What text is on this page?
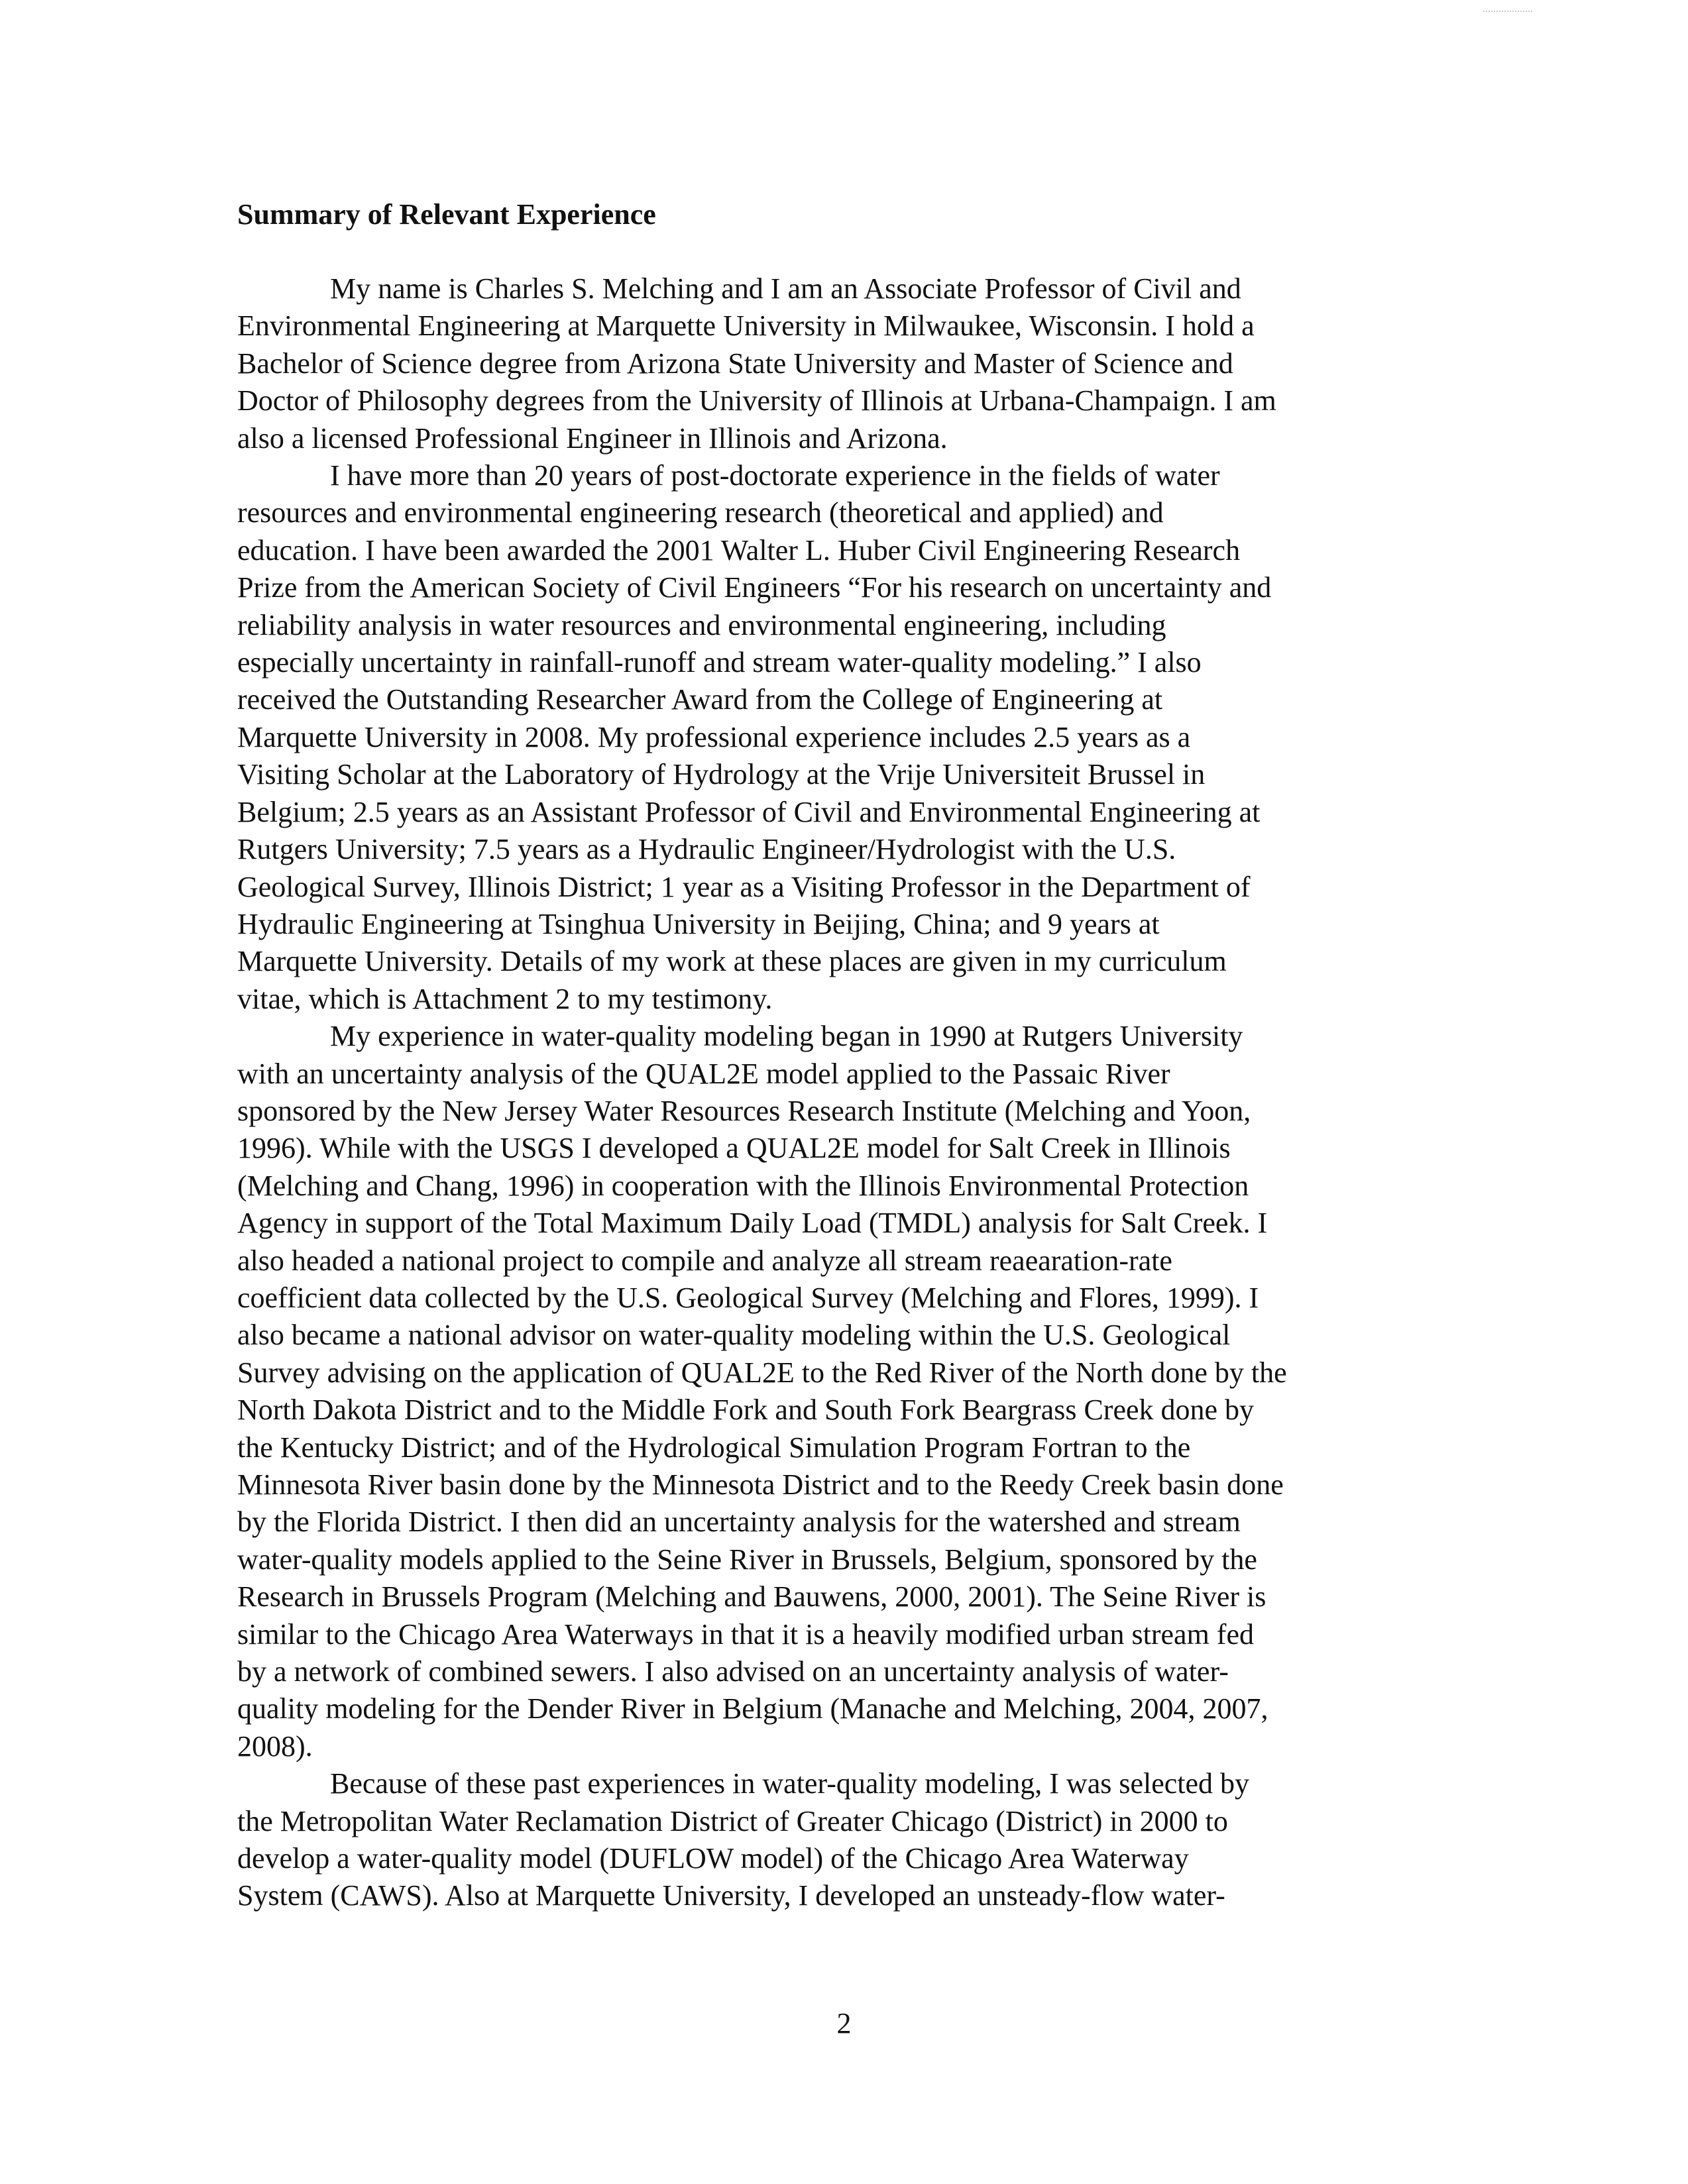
Summary of Relevant Experience
My name is Charles S. Melching and I am an Associate Professor of Civil and
Environmental Engineering at Marquette University in Milwaukee, Wisconsin. I hold a
Bachelor of Science degree from Arizona State University and Master of Science and
Doctor of Philosophy degrees from the University of Illinois at Urbana-Champaign. I am
also a licensed Professional Engineer in Illinois and Arizona.
I have more than 20 years of post-doctorate experience in the fields of water
resources and environmental engineering research (theoretical and applied) and
education. I have been awarded the 2001 Walter L. Huber Civil Engineering Research
Prize from the American Society of Civil Engineers “For his research on uncertainty and
reliability analysis in water resources and environmental engineering, including
especially uncertainty in rainfall-runoff and stream water-quality modeling.” I also
received the Outstanding Researcher Award from the College of Engineering at
Marquette University in 2008. My professional experience includes 2.5 years as a
Visiting Scholar at the Laboratory of Hydrology at the Vrije Universiteit Brussel in
Belgium; 2.5 years as an Assistant Professor of Civil and Environmental Engineering at
Rutgers University; 7.5 years as a Hydraulic Engineer/Hydrologist with the U.S.
Geological Survey, Illinois District; 1 year as a Visiting Professor in the Department of
Hydraulic Engineering at Tsinghua University in Beijing, China; and 9 years at
Marquette University. Details of my work at these places are given in my curriculum
vitae, which is Attachment 2 to my testimony.
My experience in water-quality modeling began in 1990 at Rutgers University
with an uncertainty analysis of the QUAL2E model applied to the Passaic River
sponsored by the New Jersey Water Resources Research Institute (Melching and Yoon,
1996). While with the USGS I developed a QUAL2E model for Salt Creek in Illinois
(Melching and Chang, 1996) in cooperation with the Illinois Environmental Protection
Agency in support of the Total Maximum Daily Load (TMDL) analysis for Salt Creek. I
also headed a national project to compile and analyze all stream reaearation-rate
coefficient data collected by the U.S. Geological Survey (Melching and Flores, 1999). I
also became a national advisor on water-quality modeling within the U.S. Geological
Survey advising on the application of QUAL2E to the Red River of the North done by the
North Dakota District and to the Middle Fork and South Fork Beargrass Creek done by
the Kentucky District; and of the Hydrological Simulation Program Fortran to the
Minnesota River basin done by the Minnesota District and to the Reedy Creek basin done
by the Florida District. I then did an uncertainty analysis for the watershed and stream
water-quality models applied to the Seine River in Brussels, Belgium, sponsored by the
Research in Brussels Program (Melching and Bauwens, 2000, 2001). The Seine River is
similar to the Chicago Area Waterways in that it is a heavily modified urban stream fed
by a network of combined sewers. I also advised on an uncertainty analysis of water-
quality modeling for the Dender River in Belgium (Manache and Melching, 2004, 2007,
2008).
Because of these past experiences in water-quality modeling, I was selected by
the Metropolitan Water Reclamation District of Greater Chicago (District) in 2000 to
develop a water-quality model (DUFLOW model) of the Chicago Area Waterway
System (CAWS). Also at Marquette University, I developed an unsteady-flow water-
2
